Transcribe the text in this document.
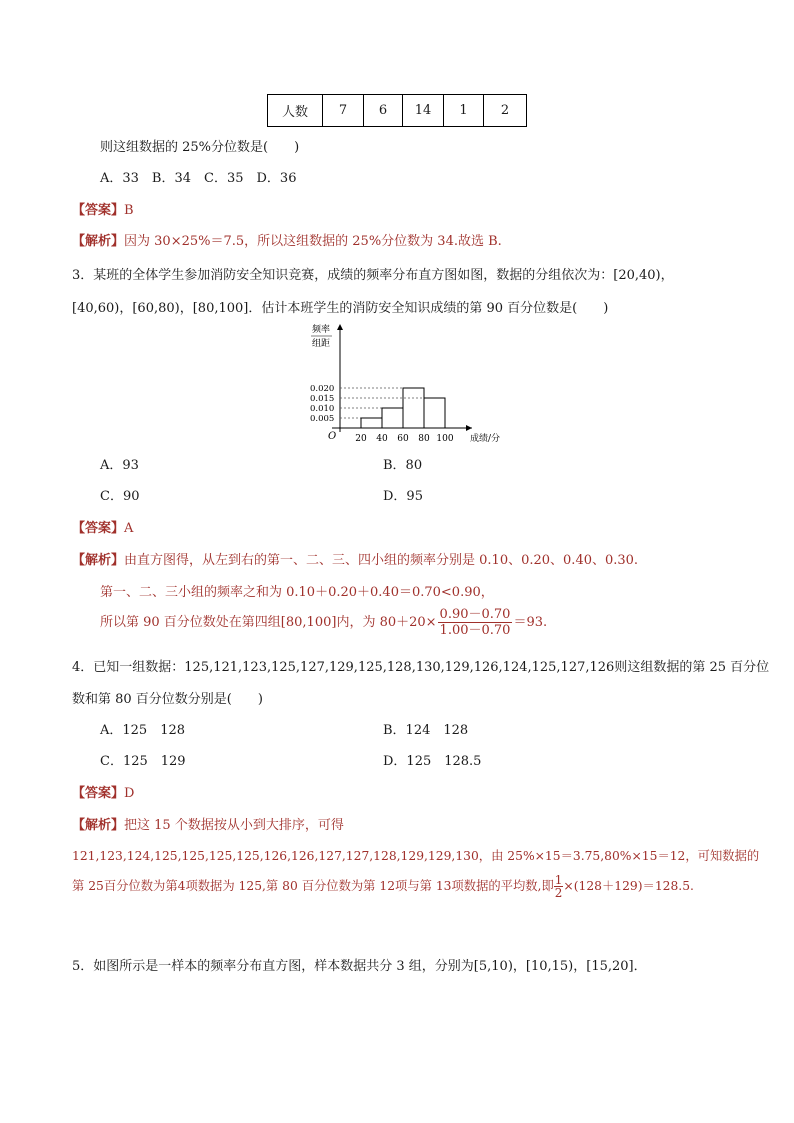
人数	7	6	14	1	2
则这组数据的 25%分位数是(　　)
A．33　B．34　C．35　D．36
【答案】B
【解析】因为 30×25%＝7.5，所以这组数据的 25%分位数为 34.故选 B.
3．某班的全体学生参加消防安全知识竞赛，成绩的频率分布直方图如图，数据的分组依次为：[20,40)，
[40,60)，[60,80)，[80,100]．估计本班学生的消防安全知识成绩的第 90 百分位数是(　　)
频率
组距
O
0.005
0.010
0.015
0.020
20 40 60 80 100 成绩/分
A．93	B．80
C．90	D．95
【答案】A
【解析】由直方图得，从左到右的第一、二、三、四小组的频率分别是 0.10、0.20、0.40、0.30.
第一、二、三小组的频率之和为 0.10＋0.20＋0.40＝0.70<0.90，
所以第 90 百分位数处在第四组[80,100]内，为 $80+20\times \frac{0.90-0.70}{1.00-0.70} =93$.
4．已知一组数据：125,121,123,125,127,129,125,128,130,129,126,124,125,127,126则这组数据的第 25 百分位
数和第 80 百分位数分别是(　　)
A．125　128	B．124　128
C．125　129	D．125　128.5
【答案】D
【解析】把这 15 个数据按从小到大排序，可得
121,123,124,125,125,125,125,126,126,127,127,128,129,129,130，由 25%×15＝3.75,80%×15＝12，可知数据的
第 25百分位数为第4项数据为 125,第 80 百分位数为第 12项与第 13项数据的平均数,即 $\frac{1}{2} \times(128+129)=128.5$.
5．如图所示是一样本的频率分布直方图，样本数据共分 3 组，分别为[5,10)，[10,15)，[15,20]．
